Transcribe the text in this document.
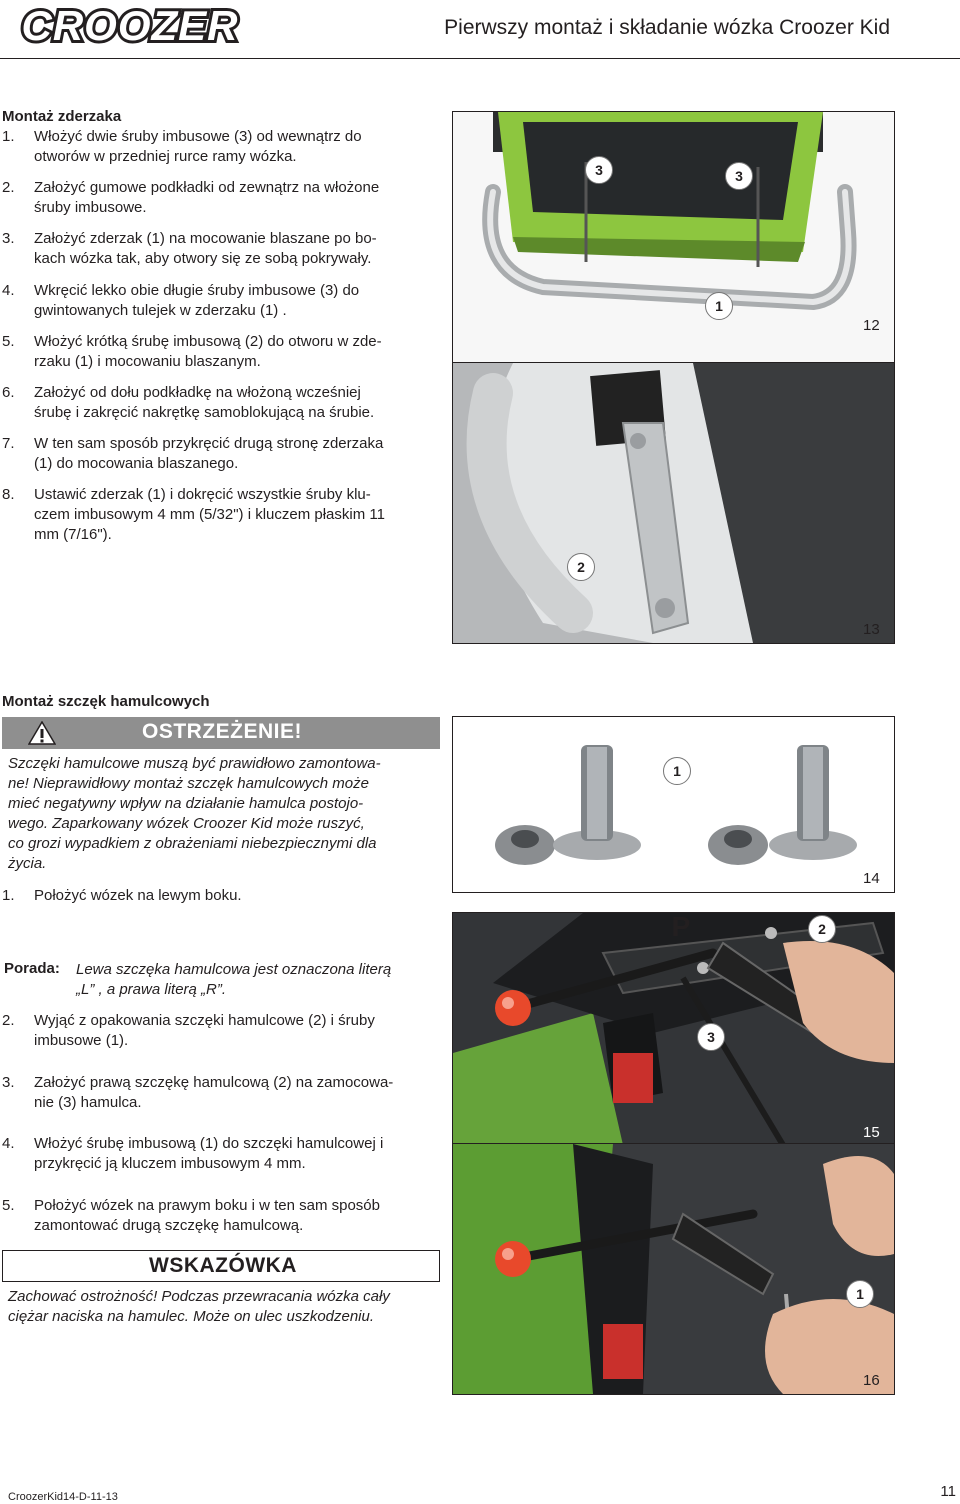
CROOZER	Pierwszy montaż i składanie wózka Croozer Kid
Montaż zderzaka
1. Włożyć dwie śruby imbusowe (3) od wewnątrz do
otworów w przedniej rurce ramy wózka.
2. Założyć gumowe podkładki od zewnątrz na włożone
śruby imbusowe.
3. Założyć zderzak (1) na mocowanie blaszane po bo-
kach wózka tak, aby otwory się ze sobą pokrywały.
4. Wkręcić lekko obie długie śruby imbusowe (3) do
gwintowanych tulejek w zderzaku (1) .
5. Włożyć krótką śrubę imbusową (2) do otworu w zde-
rzaku (1) i mocowaniu blaszanym.
6. Założyć od dołu podkładkę na włożoną wcześniej
śrubę i zakręcić nakrętkę samoblokującą na śrubie.
7. W ten sam sposób przykręcić drugą stronę zderzaka
(1) do mocowania blaszanego.
8. Ustawić zderzak (1) i dokręcić wszystkie śruby klu-
czem imbusowym 4 mm (5/32") i kluczem płaskim 11
mm (7/16").
3	3
1
12
2
13
Montaż szczęk hamulcowych
OSTRZEŻENIE!
Szczęki hamulcowe muszą być prawidłowo zamontowa-
ne! Nieprawidłowy montaż szczęk hamulcowych może
mieć negatywny wpływ na działanie hamulca postojo-
wego. Zaparkowany wózek Croozer Kid może ruszyć,
co grozi wypadkiem z obrażeniami niebezpiecznymi dla
życia.
1. Położyć wózek na lewym boku.
Porada: Lewa szczęka hamulcowa jest oznaczona literą
„L” , a prawa literą „R”.
2. Wyjąć z opakowania szczęki hamulcowe (2) i śruby
imbusowe (1).
3. Założyć prawą szczękę hamulcową (2) na zamocowa-
nie (3) hamulca.
4. Włożyć śrubę imbusową (1) do szczęki hamulcowej i
przykręcić ją kluczem imbusowym 4 mm.
5. Położyć wózek na prawym boku i w ten sam sposób
zamontować drugą szczękę hamulcową.
WSKAZÓWKA
Zachować ostrożność! Podczas przewracania wózka cały
ciężar naciska na hamulec. Może on ulec uszkodzeniu.
1
14
P	2
3
15
1
16
CroozerKid14-D-11-13	11
